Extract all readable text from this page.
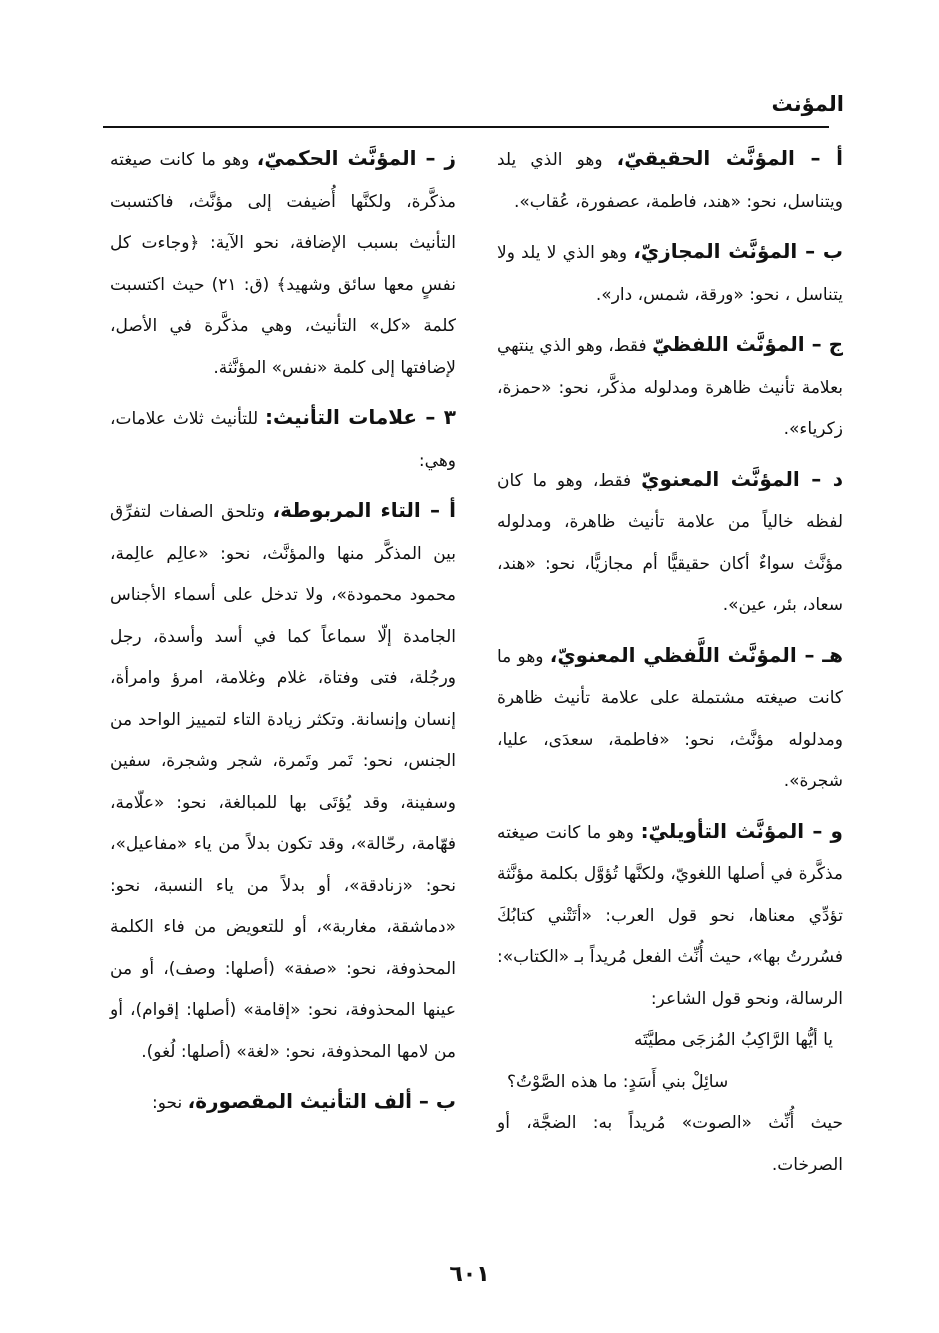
المؤنث

أ – المؤنَّث الحقيقيّ، وهو الذي يلد ويتناسل، نحو: «هند، فاطمة، عصفورة، عُقاب».

ب – المؤنَّث المجازيّ، وهو الذي لا يلد ولا يتناسل ، نحو: «ورقة، شمس، دار».

ج – المؤنَّث اللفظيّ فقط، وهو الذي ينتهي بعلامة تأنيث ظاهرة ومدلوله مذكَّر، نحو: «حمزة، زكرياء».

د – المؤنَّث المعنويّ فقط، وهو ما كان لفظه خالياً من علامة تأنيث ظاهرة، ومدلوله مؤنَّث سواءٌ أكان حقيقيًّا أم مجازيًّا، نحو: «هند، سعاد، بئر، عين».

هـ – المؤنَّث اللَّفظي المعنويّ، وهو ما كانت صيغته مشتملة على علامة تأنيث ظاهرة ومدلوله مؤنَّث، نحو: «فاطمة، سعدَى، عليا، شجرة».

و – المؤنَّث التأويليّ: وهو ما كانت صيغته مذكَّرة في أصلها اللغويّ، ولكنَّها تُؤوَّل بكلمة مؤنَّثة تؤدِّي معناها، نحو قول العرب: «أتَتْني كتابُكَ فسُررتُ بها»، حيث أُنِّث الفعل مُريداً بـ «الكتاب»: الرسالة، ونحو قول الشاعر:

يا أيُّها الرَّاكِبُ المُزجَى مطيَّتَه

سائِلْ بني أَسَدٍ: ما هذه الصَّوْتُ؟

حيث أُنِّث «الصوت» مُريداً به: الضجَّة، أو الصرخات.

ز – المؤنَّث الحكميّ، وهو ما كانت صيغته مذكَّرة، ولكنَّها أُضيفت إلى مؤنَّث، فاكتسبت التأنيث بسبب الإضافة، نحو الآية: ﴿وجاءت كل نفسٍ معها سائق وشهيد﴾ (ق: ٢١) حيث اكتسبت كلمة «كل» التأنيث، وهي مذكَّرة في الأصل، لإضافتها إلى كلمة «نفس» المؤنَّثة.

٣ – علامات التأنيث: للتأنيث ثلاث علامات، وهي:

أ – التاء المربوطة، وتلحق الصفات لتفرِّق بين المذكَّر منها والمؤنَّث، نحو: «عالِم عالِمة، محمود محمودة»، ولا تدخل على أسماء الأجناس الجامدة إلّا سماعاً كما في أسد وأسدة، رجل ورجُلة، فتى وفتاة، غلام وغلامة، امرؤ وامرأة، إنسان وإنسانة. وتكثر زيادة التاء لتمييز الواحد من الجنس، نحو: تَمر وتَمرة، شجر وشجرة، سفين وسفينة، وقد يُؤتَى بها للمبالغة، نحو: «علّامة، فهّامة، رحّالة»، وقد تكون بدلاً من ياء «مفاعيل»، نحو: «زنادقة»، أو بدلاً من ياء النسبة، نحو: «دماشقة، مغاربة»، أو للتعويض من فاء الكلمة المحذوفة، نحو: «صفة» (أصلها: وصف)، أو من عينها المحذوفة، نحو: «إقامة» (أصلها: إقوام)، أو من لامها المحذوفة، نحو: «لغة» (أصلها: لُغو).

ب – ألف التأنيث المقصورة، نحو:

٦٠١
